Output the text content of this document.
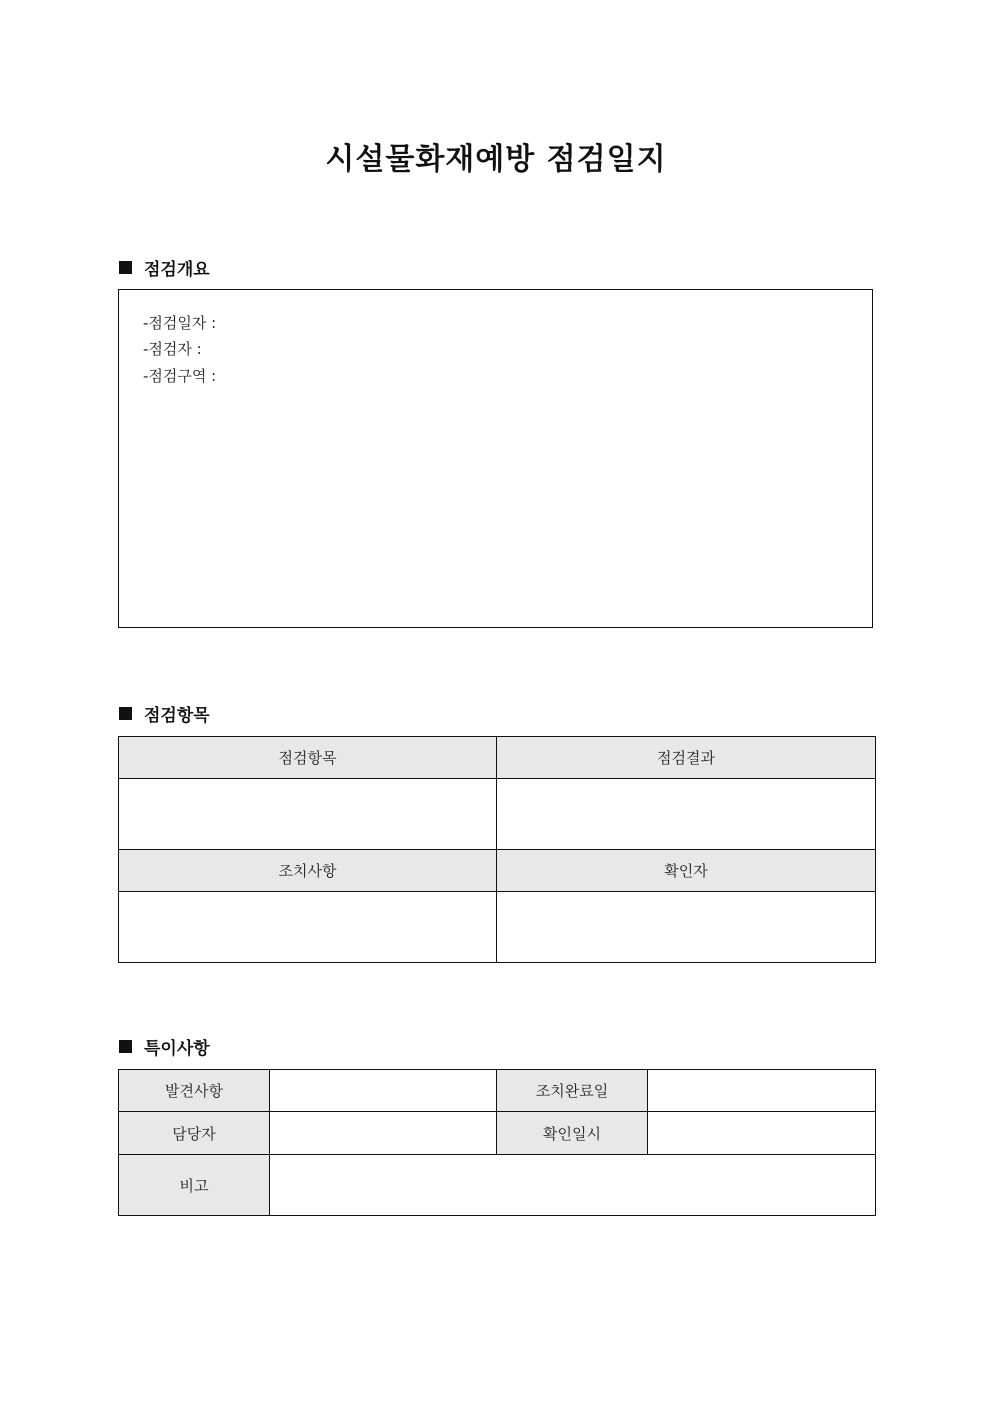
시설물화재예방 점검일지
점검개요
-점검일자 :
-점검자 :
-점검구역 :
점검항목
점검항목	점검결과

조치사항	확인자

특이사항
발견사항		조치완료일	
담당자		확인일시	
비고			
